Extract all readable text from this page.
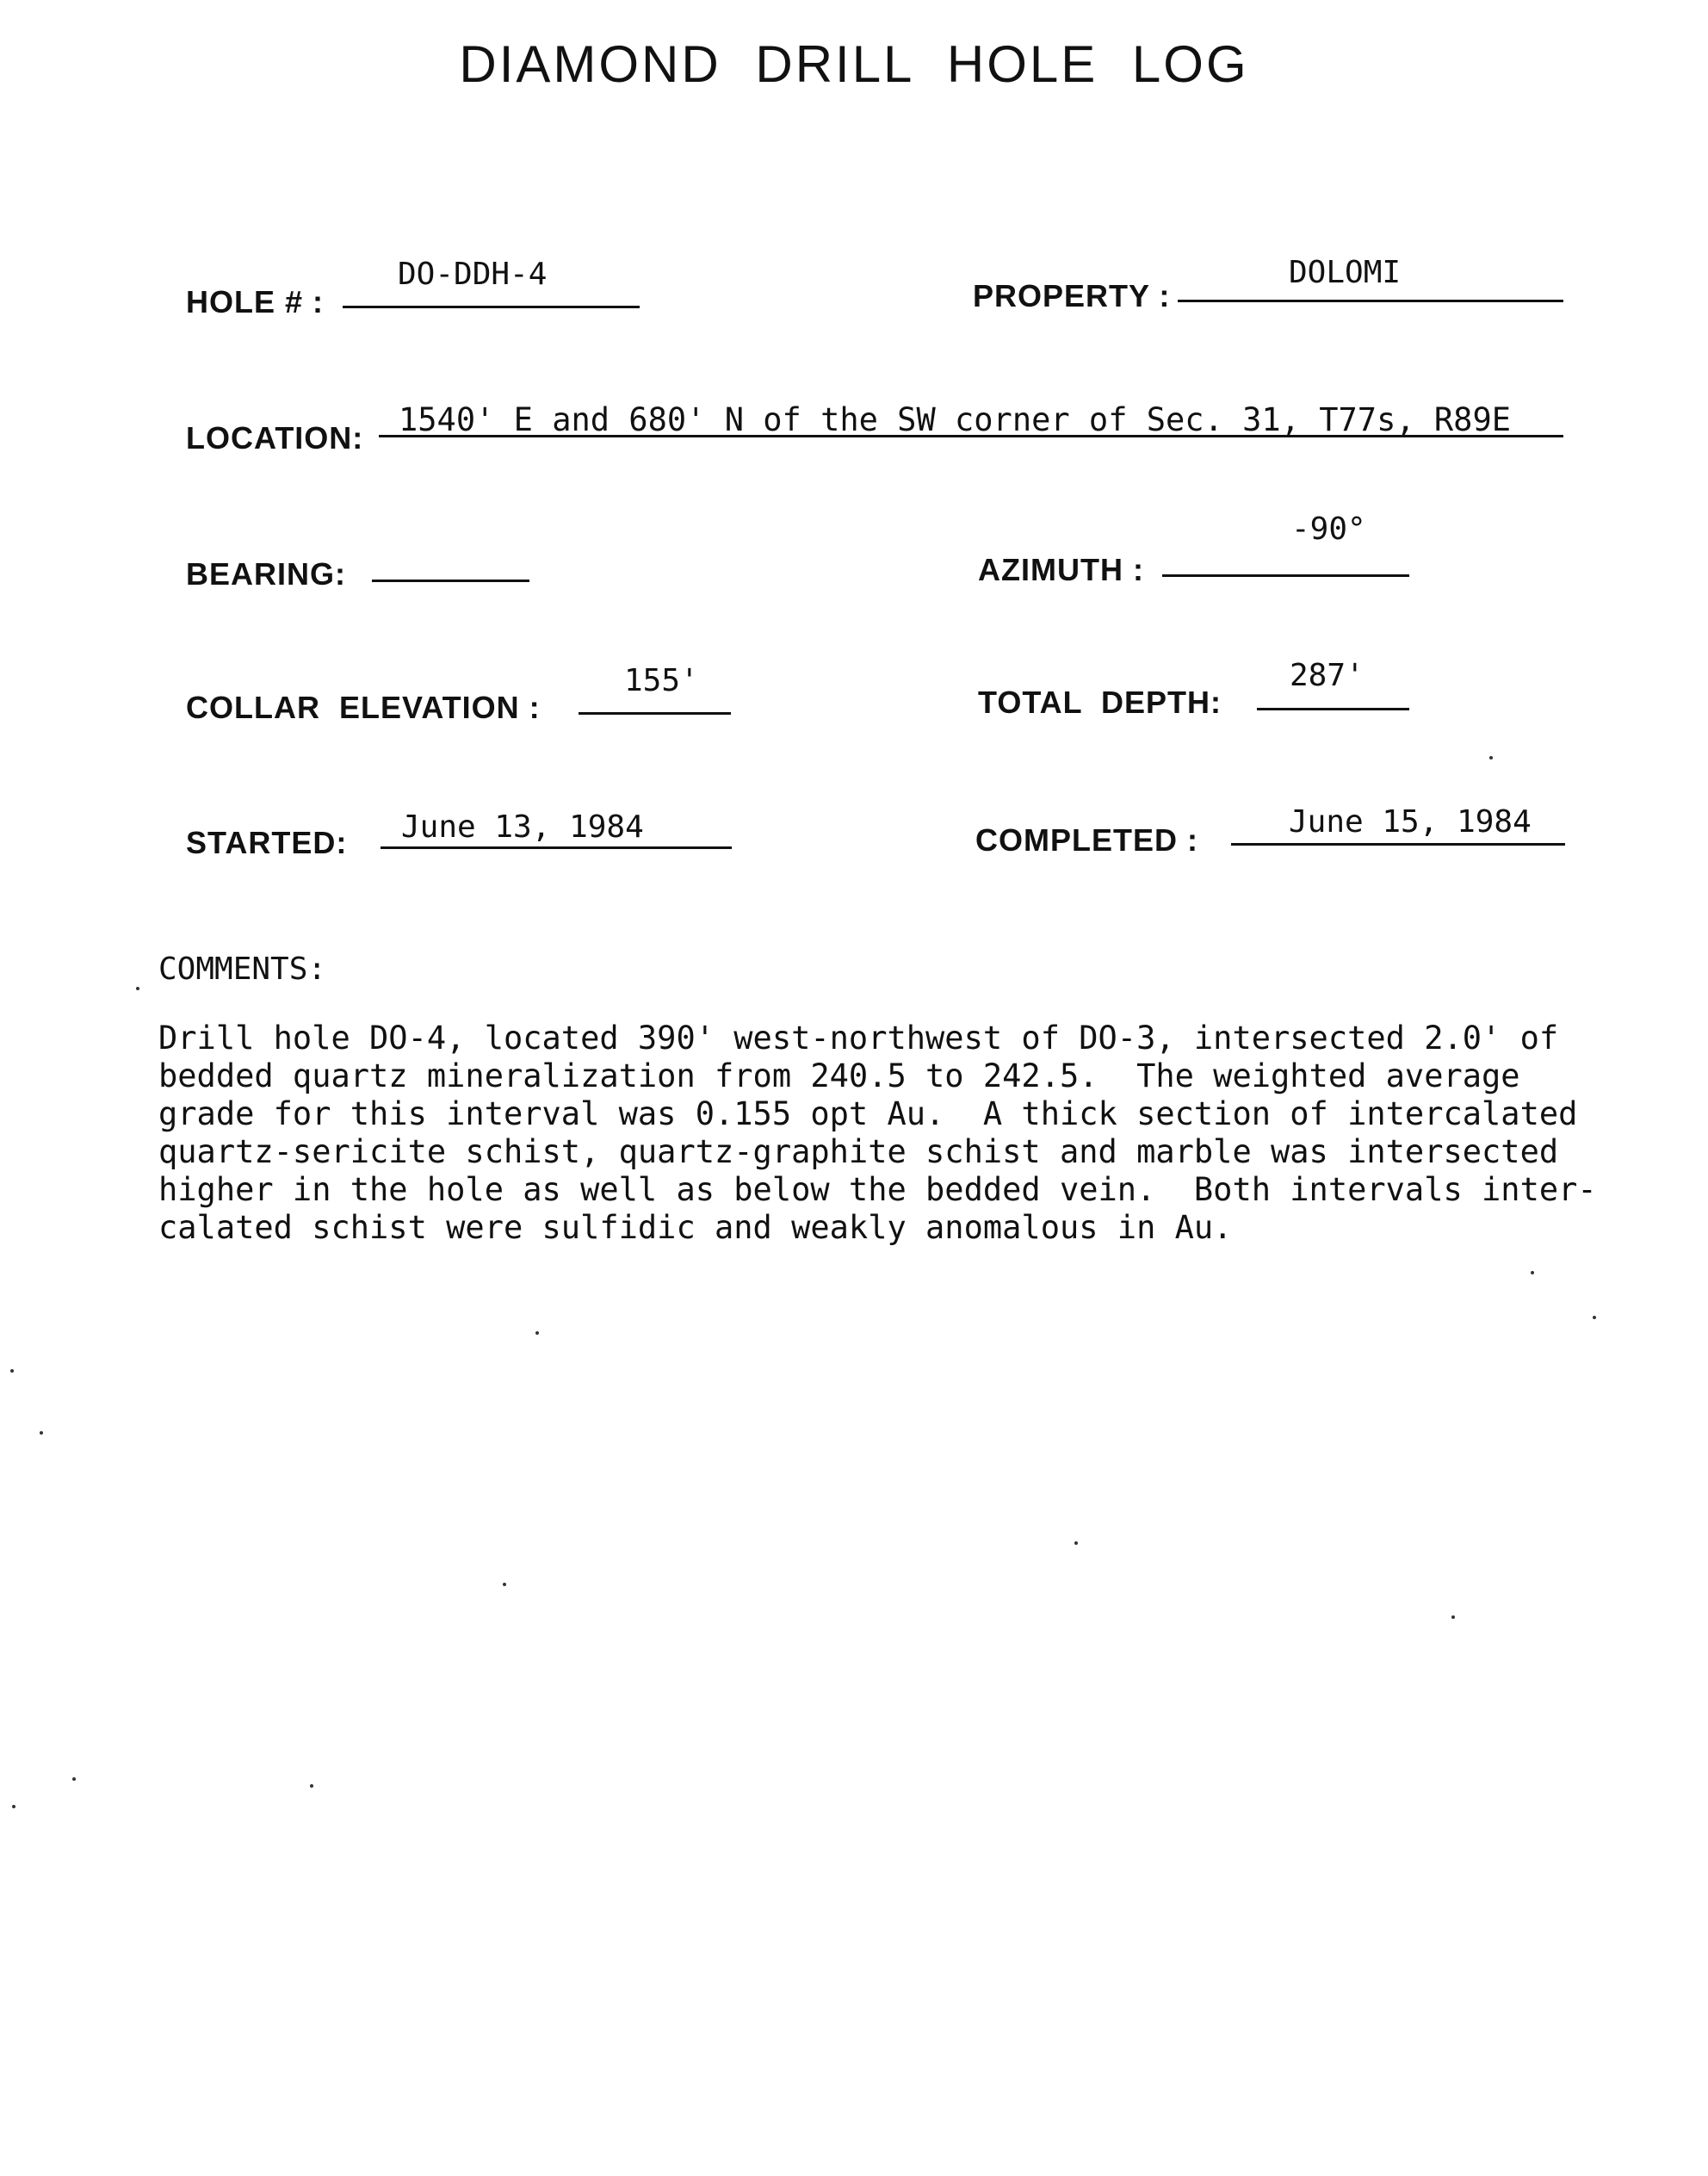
DIAMOND DRILL HOLE LOG
HOLE # :
DO-DDH-4
PROPERTY :
DOLOMI
LOCATION: 1540' E and 680' N of the SW corner of Sec. 31, T77s, R89E
BEARING:	AZIMUTH :
-90°
COLLAR  ELEVATION :
155'
TOTAL  DEPTH:
287'
STARTED: June 13, 1984	COMPLETED :
June 15, 1984
COMMENTS:
Drill hole DO-4, located 390' west-northwest of DO-3, intersected 2.0' of
bedded quartz mineralization from 240.5 to 242.5.  The weighted average
grade for this interval was 0.155 opt Au.  A thick section of intercalated
quartz-sericite schist, quartz-graphite schist and marble was intersected
higher in the hole as well as below the bedded vein.  Both intervals inter-
calated schist were sulfidic and weakly anomalous in Au.
